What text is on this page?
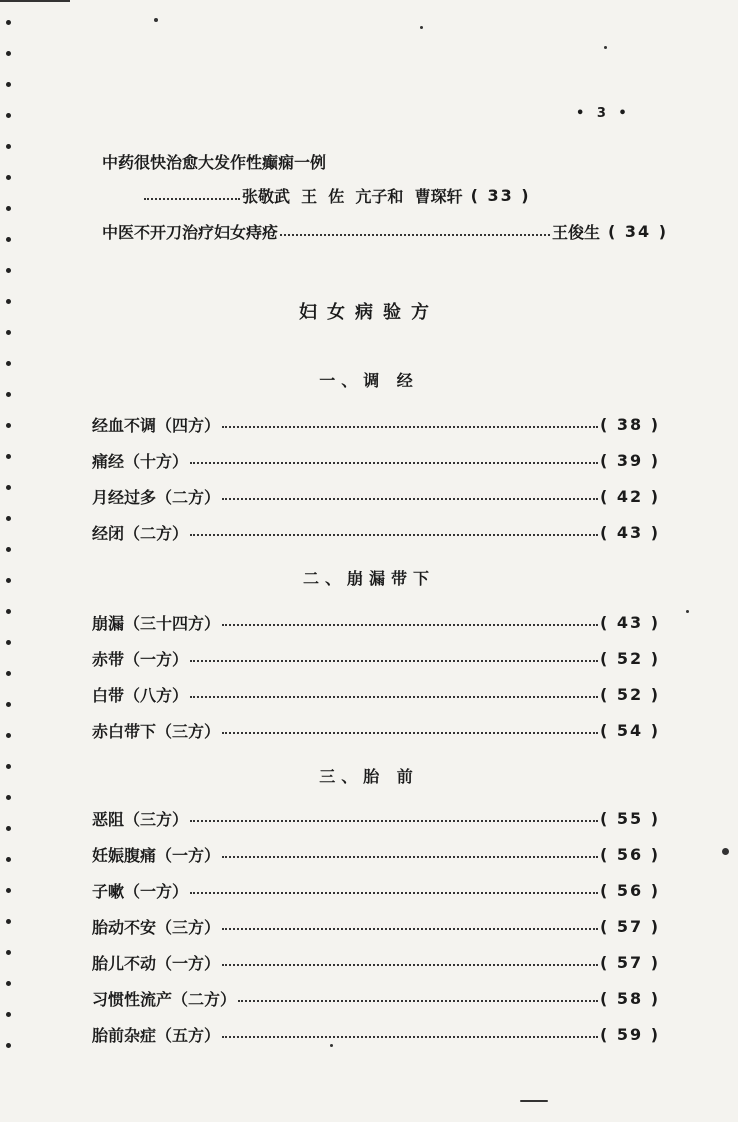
• 3 •
中药很快治愈大发作性癫痫一例
张敬武  王  佐  亢子和  曹琛轩 ( 33 )
中医不开刀治疗妇女痔疮	王俊生 ( 34 )
妇女病验方
一、调 经
经血不调（四方）	( 38 )
痛经（十方）	( 39 )
月经过多（二方）	( 42 )
经闭（二方）	( 43 )
二、崩漏带下
崩漏（三十四方）	( 43 )
赤带（一方）	( 52 )
白带（八方）	( 52 )
赤白带下（三方）	( 54 )
三、胎 前
恶阻（三方）	( 55 )
妊娠腹痛（一方）	( 56 )
子嗽（一方）	( 56 )
胎动不安（三方）	( 57 )
胎儿不动（一方）	( 57 )
习惯性流产（二方）	( 58 )
胎前杂症（五方）	( 59 )
